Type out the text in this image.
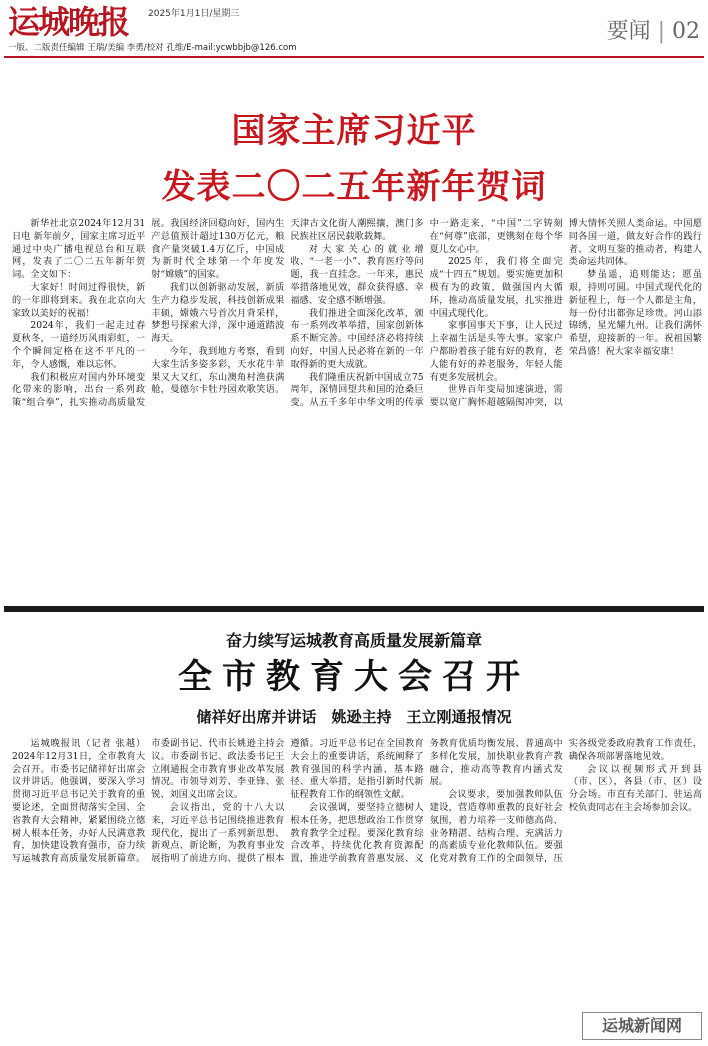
运城晚报 2025年1月1日/星期三
一版、二版责任编辑 王瑞/美编 李勇/校对 孔维/E-mail:ycwbbjb@126.com
要闻 | 02
国家主席习近平
发表二〇二五年新年贺词

新华社北京2024年12月31日电 新年前夕，国家主席习近平通过中央广播电视总台和互联网，发表了二〇二五年新年贺词。全文如下：

大家好！时间过得很快，新的一年即将到来。我在北京向大家致以美好的祝福！

2024年，我们一起走过春夏秋冬，一道经历风雨彩虹，一个个瞬间定格在这不平凡的一年，令人感慨，难以忘怀。

我们积极应对国内外环境变化带来的影响，出台一系列政策“组合拳”，扎实推动高质量发展。我国经济回稳向好，国内生产总值预计超过130万亿元，粮食产量突破1.4万亿斤，中国成为新时代全球第一个年度发射“嫦娥”的国家。

我们以创新驱动发展，新质生产力稳步发展，科技创新成果丰硕，嫦娥六号首次月背采样，梦想号探索大洋，深中通道踏波海天。

今年，我到地方考察，看到大家生活多姿多彩，天水花牛苹果又大又红，东山澳角村渔获满舱，曼德尔卡牡丹园欢歌笑语。天津古文化街人潮熙攘，澳门多民族社区居民载歌载舞。

对大家关心的就业增收、“一老一小”、教育医疗等问题，我一直挂念。一年来，惠民举措落地见效，群众获得感、幸福感、安全感不断增强。

我们推进全面深化改革，颁布一系列改革举措，国家创新体系不断完善。中国经济必将持续向好，中国人民必将在新的一年取得新的更大成就。

我们隆重庆祝新中国成立75周年，深情回望共和国的沧桑巨变。从五千多年中华文明的传承中一路走来，“中国”二字铸刻在“何尊”底部，更镌刻在每个华夏儿女心中。

2025年，我们将全面完成“十四五”规划。要实施更加积极有为的政策，做强国内大循环，推动高质量发展，扎实推进中国式现代化。

家事国事天下事，让人民过上幸福生活是头等大事。家家户户都盼着孩子能有好的教育，老人能有好的养老服务，年轻人能有更多发展机会。

世界百年变局加速演进，需要以宽广胸怀超越隔阂冲突，以博大情怀关照人类命运。中国愿同各国一道，做友好合作的践行者、文明互鉴的推动者，构建人类命运共同体。

梦虽遥，追则能达；愿虽艰，持则可圆。中国式现代化的新征程上，每一个人都是主角，每一份付出都弥足珍贵。河山添锦绣，星光耀九州。让我们满怀希望，迎接新的一年。祝祖国繁荣昌盛！祝大家幸福安康！

奋力续写运城教育高质量发展新篇章
全市教育大会召开
储祥好出席并讲话　姚逊主持　王立刚通报情况

运城晚报讯（记者 张越）2024年12月31日，全市教育大会召开。市委书记储祥好出席会议并讲话。他强调，要深入学习贯彻习近平总书记关于教育的重要论述，全面贯彻落实全国、全省教育大会精神，紧紧围绕立德树人根本任务，办好人民满意教育，加快建设教育强市，奋力续写运城教育高质量发展新篇章。市委副书记、代市长姚逊主持会议。市委副书记、政法委书记王立刚通报全市教育事业改革发展情况。市领导刘芳、李亚锋、张锐、刘国义出席会议。

会议指出，党的十八大以来，习近平总书记围绕推进教育现代化，提出了一系列新思想、新观点、新论断，为教育事业发展指明了前进方向、提供了根本遵循。习近平总书记在全国教育大会上的重要讲话，系统阐释了教育强国的科学内涵、基本路径、重大举措，是指引新时代新征程教育工作的纲领性文献。

会议强调，要坚持立德树人根本任务，把思想政治工作贯穿教育教学全过程。要深化教育综合改革，持续优化教育资源配置，推进学前教育普惠发展、义务教育优质均衡发展、普通高中多样化发展，加快职业教育产教融合，推动高等教育内涵式发展。

会议要求，要加强教师队伍建设，营造尊师重教的良好社会氛围，着力培养一支师德高尚、业务精湛、结构合理、充满活力的高素质专业化教师队伍。要强化党对教育工作的全面领导，压实各级党委政府教育工作责任，确保各项部署落地见效。

会议以视频形式开到县（市、区），各县（市、区）设分会场。市直有关部门、驻运高校负责同志在主会场参加会议。

运城新闻网
